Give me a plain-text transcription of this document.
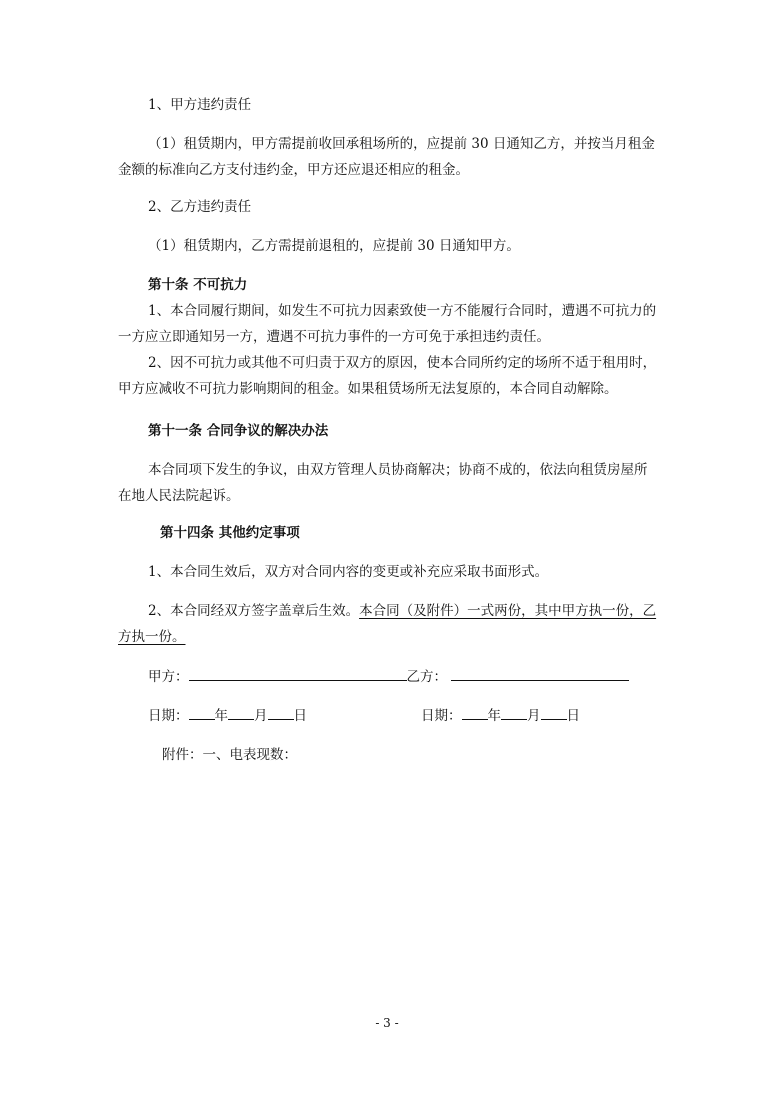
1、甲方违约责任
（1）租赁期内，甲方需提前收回承租场所的，应提前 30 日通知乙方，并按当月租金
金额的标准向乙方支付违约金，甲方还应退还相应的租金。
2、乙方违约责任
（1）租赁期内，乙方需提前退租的，应提前 30 日通知甲方。
第十条 不可抗力
1、本合同履行期间，如发生不可抗力因素致使一方不能履行合同时，遭遇不可抗力的
一方应立即通知另一方，遭遇不可抗力事件的一方可免于承担违约责任。
2、因不可抗力或其他不可归责于双方的原因，使本合同所约定的场所不适于租用时，
甲方应减收不可抗力影响期间的租金。如果租赁场所无法复原的，本合同自动解除。
第十一条 合同争议的解决办法
本合同项下发生的争议，由双方管理人员协商解决；协商不成的，依法向租赁房屋所
在地人民法院起诉。
第十四条 其他约定事项
1、本合同生效后，双方对合同内容的变更或补充应采取书面形式。
2、本合同经双方签字盖章后生效。本合同（及附件）一式两份，其中甲方执一份，乙
方执一份。
甲方：	乙方：
日期： 年 月 日	日期： 年 月 日
附件：一、电表现数：
- 3 -
